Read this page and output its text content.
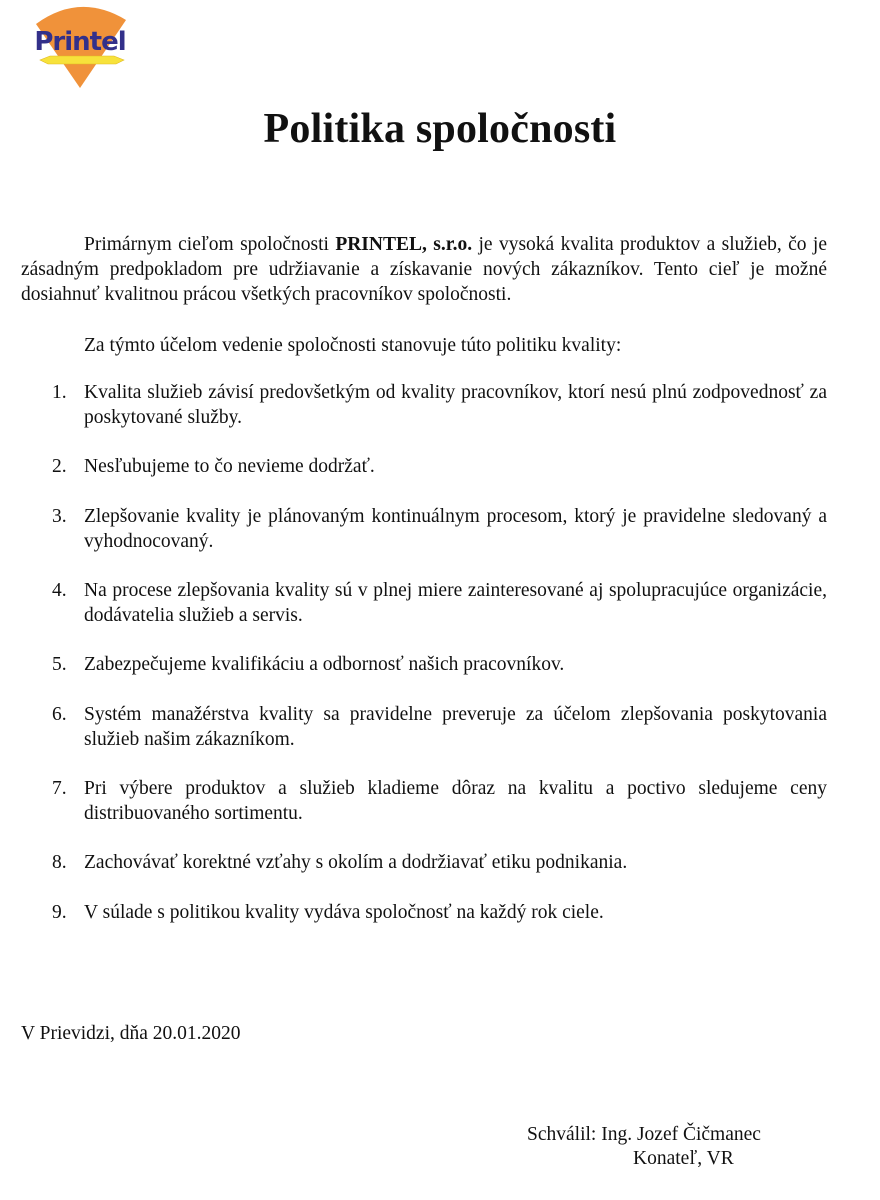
Printel
Politika spoločnosti

Primárnym cieľom spoločnosti PRINTEL, s.r.o. je vysoká kvalita produktov a služieb, čo je zásadným predpokladom pre udržiavanie a získavanie nových zákazníkov. Tento cieľ je možné dosiahnuť kvalitnou prácou všetkých pracovníkov spoločnosti.

Za týmto účelom vedenie spoločnosti stanovuje túto politiku kvality:

1. Kvalita služieb závisí predovšetkým od kvality pracovníkov, ktorí nesú plnú zodpovednosť za poskytované služby.
2. Nesľubujeme to čo nevieme dodržať.
3. Zlepšovanie kvality je plánovaným kontinuálnym procesom, ktorý je pravidelne sledovaný a vyhodnocovaný.
4. Na procese zlepšovania kvality sú v plnej miere zainteresované aj spolupracujúce organizácie, dodávatelia služieb a servis.
5. Zabezpečujeme kvalifikáciu a odbornosť našich pracovníkov.
6. Systém manažérstva kvality sa pravidelne preveruje za účelom zlepšovania poskytovania služieb našim zákazníkom.
7. Pri výbere produktov a služieb kladieme dôraz na kvalitu a poctivo sledujeme ceny distribuovaného sortimentu.
8. Zachovávať korektné vzťahy s okolím a dodržiavať etiku podnikania.
9. V súlade s politikou kvality vydáva spoločnosť na každý rok ciele.
V Prievidzi, dňa 20.01.2020
Schválil: Ing. Jozef Čičmanec
Konateľ, VR
